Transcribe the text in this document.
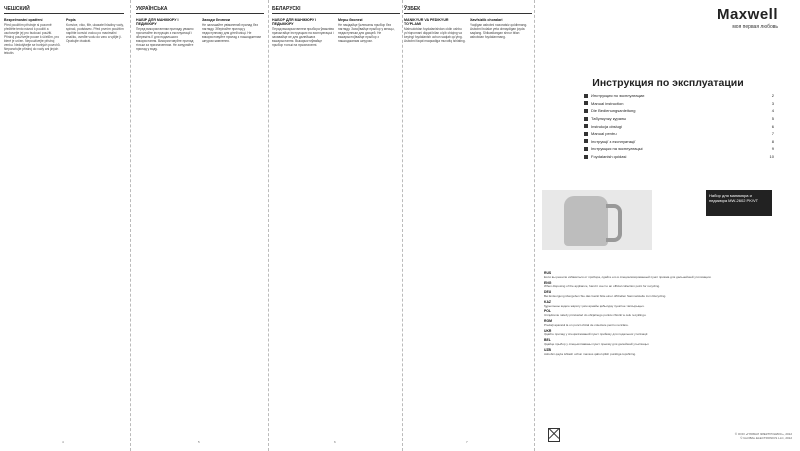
ЧЕШСКИЙ
Bezpečnostní opatření
Před použitím přístroje si pozorně přečtěte tento návod k použití a uschovejte jej pro budoucí použití. Přístroj používejte pouze k účelům, pro které je určen. Nepoužívejte přístroj venku. Nedotýkejte se horkých povrchů. Neponořujte přístroj do vody ani jiných tekutin.
Popis
Konvice, víko, filtr, ukazatel hladiny vody, spínač, podstavec. Před prvním použitím naplňte konvici vodou po maximální značku, uveďte vodu do varu a vylijte ji. Opakujte dvakrát.
4
УКРАЇНСЬКА
НАБІР ДЛЯ МАНІКЮРУ І ПЕДИКЮРУ
Перед використанням приладу уважно прочитайте інструкцію з експлуатації і збережіть її для подальшого використання. Використовуйте прилад тільки за призначенням. Не занурюйте прилад у воду.
Заходи безпеки
Не залишайте увімкнений прилад без нагляду. Зберігайте прилад у недоступному для дітей місці. Не використовуйте прилад з пошкодженим шнуром живлення.
5
БЕЛАРУСКІ
НАБОР ДЛЯ МАНІКЮРУ І ПЕДЫКЮРУ
Перад выкарыстаннем прыбора ўважліва прачытайце інструкцыю па эксплуатацыі і захавайце яе для далейшага выкарыстання. Выкарыстоўвайце прыбор толькі па прызначэнні.
Меры бяспекі
Не пакідайце ўключаны прыбор без нагляду. Захоўвайце прыбор у месцы, недаступным для дзяцей. Не выкарыстоўвайце прыбор з пашкоджаным шнуром.
6
ЎЗБЕК
MANIKYUR VA PEDIKYUR TO'PLAMI
Mahsulotdan foydalanishdan oldin ushbu yo'riqnomani diqqat bilan o'qib chiqing va keyingi foydalanish uchun saqlab qo'ying. Asbobni faqat maqsadiga muvofiq ishlating.
Xavfsizlik choralari
Yoqilgan asbobni nazoratsiz qoldirmang. Asbobni bolalar yeta olmaydigan joyda saqlang. Shikastlangan shnur bilan asbobdan foydalanmang.
7
Maxwell
моя первая любовь
Инструкция по эксплуатации
Инструкция по эксплуатации	2
Manual instruction	3
Die Bedienungsanleitung	4
Табулкучку куралы	5
Instrukcja obsługi	6
Manual pentru	7
Інструкції з експлуатації	8
Інструкцыя па эксплуатацыі	9
Foydalanish qoidasi	10
Набор для маникюра и педикюра MW-2602 PK/VT
RUS
Если вы решили избавиться от прибора, сдайте его в специализированный пункт приёма для дальнейшей утилизации.
ENG
When disposing of the appliance, hand it over to an official collection point for recycling.
DEU
Bei Entsorgung übergeben Sie das Gerät bitte einer offiziellen Sammelstelle zum Recycling.
KAZ
Құрылғыны кәдеге жарату үшін арнайы қабылдау пунктіне тапсырыңыз.
POL
Urządzenie należy przekazać do oficjalnego punktu zbiórki w celu recyklingu.
ROM
Predaţi aparatul la un punct oficial de colectare pentru reciclare.
UKR
Здайте прилад у спеціалізований пункт прийому для подальшої утилізації.
BEL
Здайце прыбор у спецыялізаваны пункт прыёму для далейшай утылізацыі.
UZB
Asbobni qayta ishlash uchun maxsus qabul qilish punktiga topshiring.
© ООО «ГЛОБАЛ ЭЛЕКТРОНИКС», 2012
© GLOBAL ELECTRONICS LLC, 2012
